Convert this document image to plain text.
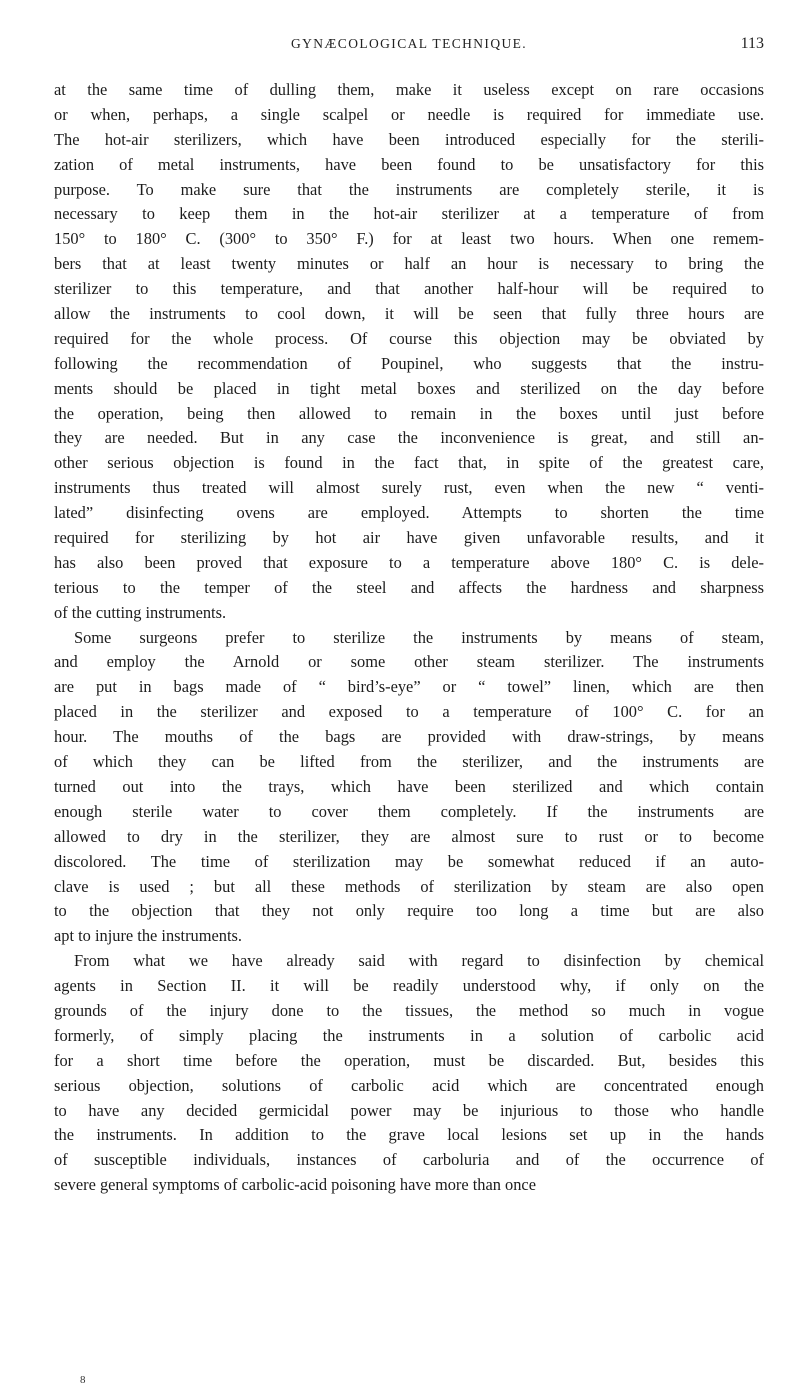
GYNÆCOLOGICAL TECHNIQUE.	113
at the same time of dulling them, make it useless except on rare occasions
or when, perhaps, a single scalpel or needle is required for immediate use.
The hot-air sterilizers, which have been introduced especially for the sterili-
zation of metal instruments, have been found to be unsatisfactory for this
purpose. To make sure that the instruments are completely sterile, it is
necessary to keep them in the hot-air sterilizer at a temperature of from
150° to 180° C. (300° to 350° F.) for at least two hours. When one remem-
bers that at least twenty minutes or half an hour is necessary to bring the
sterilizer to this temperature, and that another half-hour will be required to
allow the instruments to cool down, it will be seen that fully three hours are
required for the whole process. Of course this objection may be obviated by
following the recommendation of Poupinel, who suggests that the instru-
ments should be placed in tight metal boxes and sterilized on the day before
the operation, being then allowed to remain in the boxes until just before
they are needed. But in any case the inconvenience is great, and still an-
other serious objection is found in the fact that, in spite of the greatest care,
instruments thus treated will almost surely rust, even when the new “ venti-
lated” disinfecting ovens are employed. Attempts to shorten the time
required for sterilizing by hot air have given unfavorable results, and it
has also been proved that exposure to a temperature above 180° C. is dele-
terious to the temper of the steel and affects the hardness and sharpness
of the cutting instruments.
Some surgeons prefer to sterilize the instruments by means of steam,
and employ the Arnold or some other steam sterilizer. The instruments
are put in bags made of “ bird’s-eye” or “ towel” linen, which are then
placed in the sterilizer and exposed to a temperature of 100° C. for an
hour. The mouths of the bags are provided with draw-strings, by means
of which they can be lifted from the sterilizer, and the instruments are
turned out into the trays, which have been sterilized and which contain
enough sterile water to cover them completely. If the instruments are
allowed to dry in the sterilizer, they are almost sure to rust or to become
discolored. The time of sterilization may be somewhat reduced if an auto-
clave is used ; but all these methods of sterilization by steam are also open
to the objection that they not only require too long a time but are also
apt to injure the instruments.
From what we have already said with regard to disinfection by chemical
agents in Section II. it will be readily understood why, if only on the
grounds of the injury done to the tissues, the method so much in vogue
formerly, of simply placing the instruments in a solution of carbolic acid
for a short time before the operation, must be discarded. But, besides this
serious objection, solutions of carbolic acid which are concentrated enough
to have any decided germicidal power may be injurious to those who handle
the instruments. In addition to the grave local lesions set up in the hands
of susceptible individuals, instances of carboluria and of the occurrence of
severe general symptoms of carbolic-acid poisoning have more than once
8
